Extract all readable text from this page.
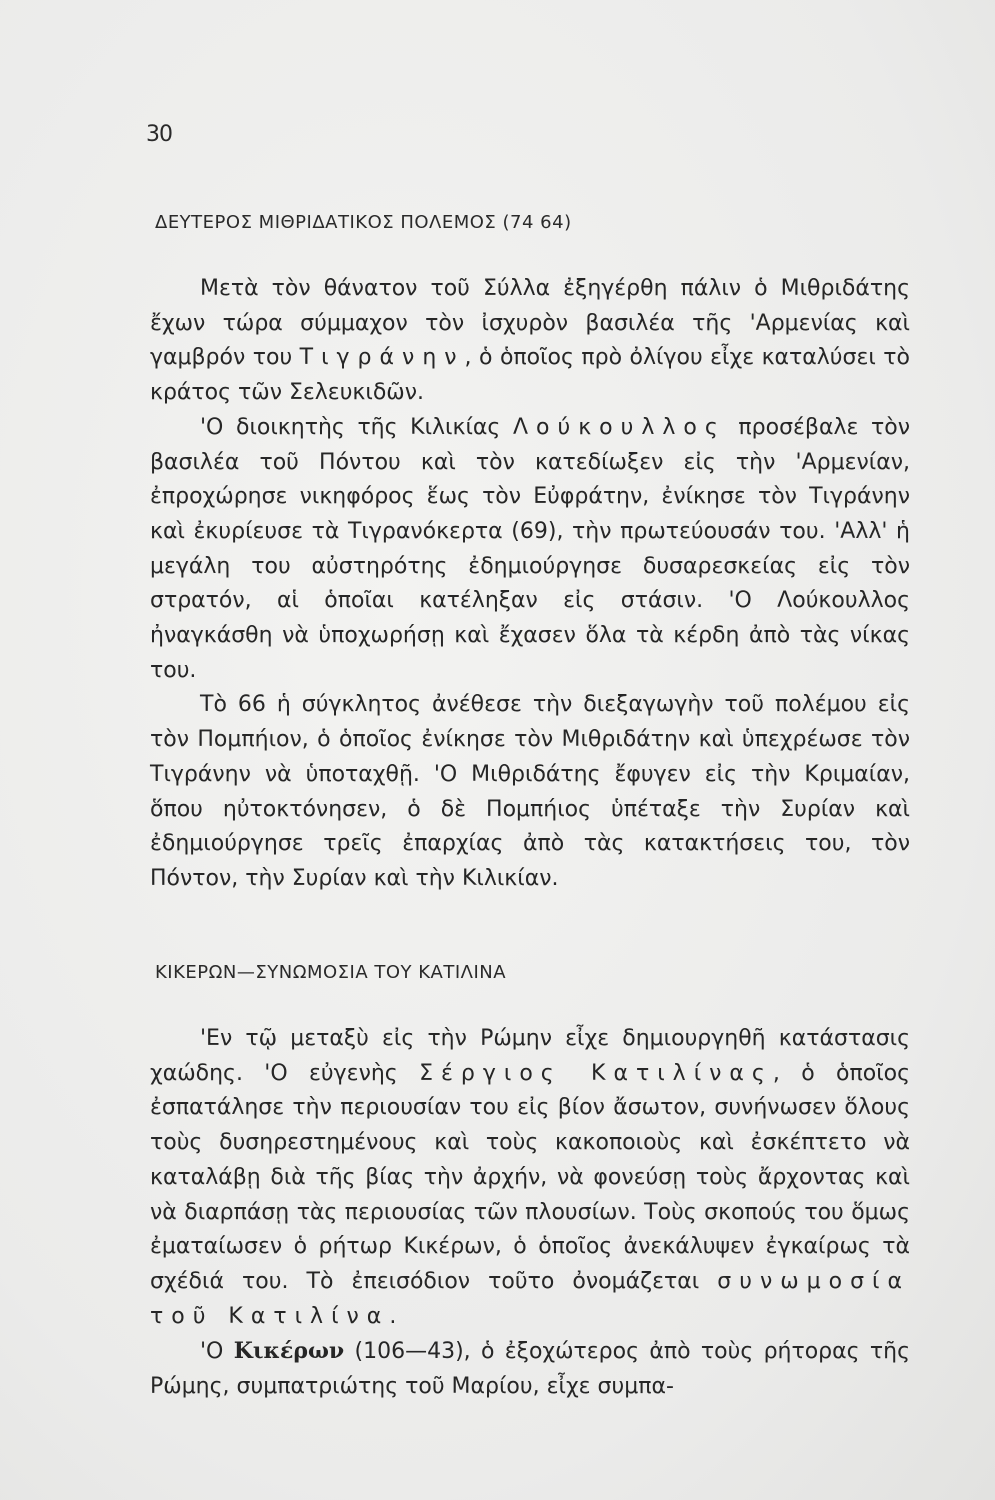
30
ΔΕΥΤΕΡΟΣ ΜΙΘΡΙΔΑΤΙΚΟΣ ΠΟΛΕΜΟΣ (74 64)

Μετὰ τὸν θάνατον τοῦ Σύλλα ἐξηγέρθη πάλιν ὁ Μιθριδάτης ἔχων τώρα σύμμαχον τὸν ἰσχυρὸν βασιλέα τῆς 'Αρμενίας καὶ γαμβρόν του Τιγράνην, ὁ ὁποῖος πρὸ ὀλίγου εἶχε καταλύσει τὸ κράτος τῶν Σελευκιδῶν.

'Ο διοικητὴς τῆς Κιλικίας Λούκουλλος προσέβαλε τὸν βασιλέα τοῦ Πόντου καὶ τὸν κατεδίωξεν εἰς τὴν 'Αρμενίαν, ἐπροχώρησε νικηφόρος ἕως τὸν Εὐφράτην, ἐνίκησε τὸν Τιγράνην καὶ ἐκυρίευσε τὰ Τιγρανόκερτα (69), τὴν πρωτεύουσάν του. 'Αλλ' ἡ μεγάλη του αὐστηρότης ἐδημιούργησε δυσαρεσκείας εἰς τὸν στρατόν, αἱ ὁποῖαι κατέληξαν εἰς στάσιν. 'Ο Λούκουλλος ἠναγκάσθη νὰ ὑποχωρήσῃ καὶ ἔχασεν ὅλα τὰ κέρδη ἀπὸ τὰς νίκας του.

Τὸ 66 ἡ σύγκλητος ἀνέθεσε τὴν διεξαγωγὴν τοῦ πολέμου εἰς τὸν Πομπήιον, ὁ ὁποῖος ἐνίκησε τὸν Μιθριδάτην καὶ ὑπεχρέωσε τὸν Τιγράνην νὰ ὑποταχθῇ. 'Ο Μιθριδάτης ἔφυγεν εἰς τὴν Κριμαίαν, ὅπου ηὐτοκτόνησεν, ὁ δὲ Πομπήιος ὑπέταξε τὴν Συρίαν καὶ ἐδημιούργησε τρεῖς ἐπαρχίας ἀπὸ τὰς κατακτήσεις του, τὸν Πόντον, τὴν Συρίαν καὶ τὴν Κιλικίαν.

ΚΙΚΕΡΩΝ—ΣΥΝΩΜΟΣΙΑ ΤΟΥ ΚΑΤΙΛΙΝΑ

'Εν τῷ μεταξὺ εἰς τὴν Ρώμην εἶχε δημιουργηθῆ κατάστασις χαώδης. 'Ο εὐγενὴς Σέργιος Κατιλίνας, ὁ ὁποῖος ἐσπατάλησε τὴν περιουσίαν του εἰς βίον ἄσωτον, συνήνωσεν ὅλους τοὺς δυσηρεστημένους καὶ τοὺς κακοποιοὺς καὶ ἐσκέπτετο νὰ καταλάβῃ διὰ τῆς βίας τὴν ἀρχήν, νὰ φονεύσῃ τοὺς ἄρχοντας καὶ νὰ διαρπάσῃ τὰς περιουσίας τῶν πλουσίων. Τοὺς σκοπούς του ὅμως ἐματαίωσεν ὁ ρήτωρ Κικέρων, ὁ ὁποῖος ἀνεκάλυψεν ἐγκαίρως τὰ σχέδιά του. Τὸ ἐπεισόδιον τοῦτο ὀνομάζεται συνωμοσία τοῦ Κατιλίνα.

'Ο Κικέρων (106—43), ὁ ἐξοχώτερος ἀπὸ τοὺς ρήτορας τῆς Ρώμης, συμπατριώτης τοῦ Μαρίου, εἶχε συμπα-
